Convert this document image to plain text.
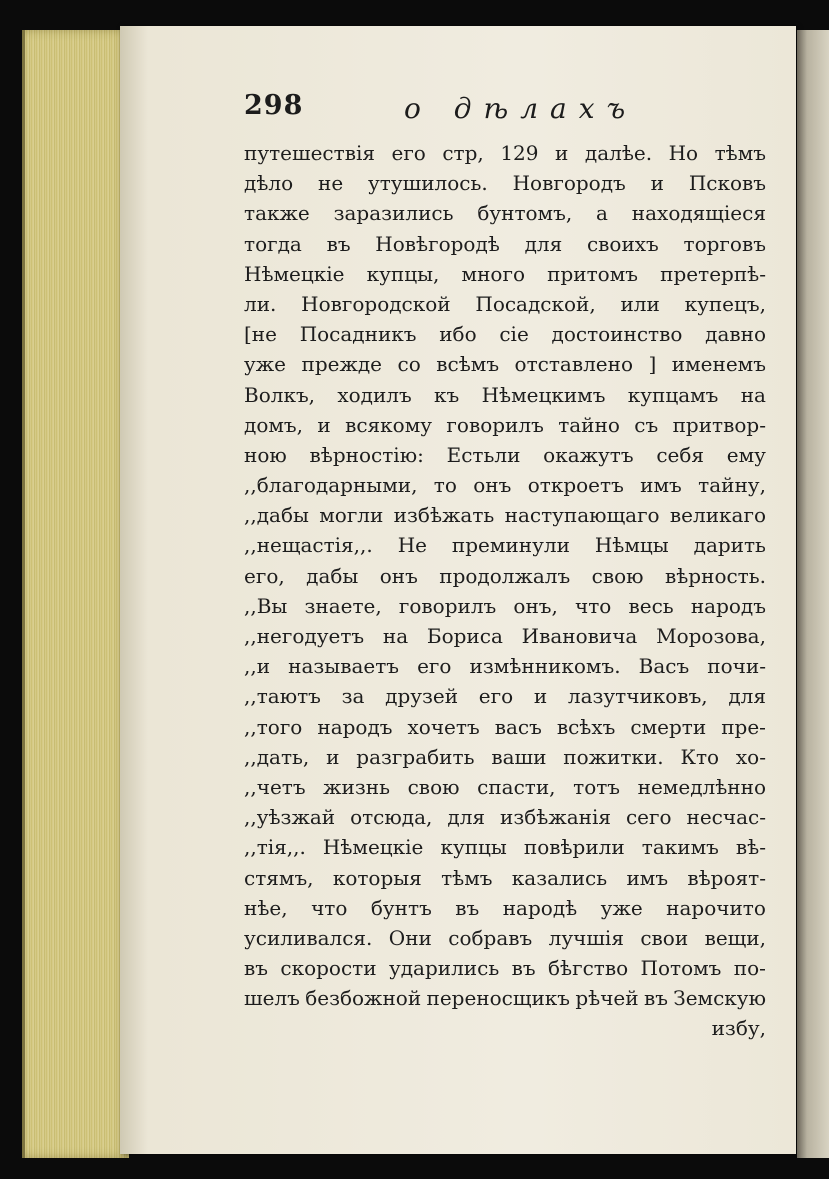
298	о дѣлахъ
путешествія его стр, 129 и далѣе. Но тѣмъ
дѣло не утушилось. Новгородъ и Псковъ
также заразились бунтомъ, а находящіеся
тогда въ Новѣгородѣ для своихъ торговъ
Нѣмецкіе купцы, много притомъ претерпѣ-
ли. Новгородской Посадской, или купецъ,
[не Посадникъ ибо сіе достоинство давно
уже прежде со всѣмъ отставлено ] именемъ
Волкъ, ходилъ къ Нѣмецкимъ купцамъ на
домъ, и всякому говорилъ тайно съ притвор-
ною вѣрностію: Естьли окажутъ себя ему
,,благодарными, то онъ откроетъ имъ тайну,
,,дабы могли избѣжать наступающаго великаго
,,нещастія,,. Не преминули Нѣмцы дарить
его, дабы онъ продолжалъ свою вѣрность.
,,Вы знаете, говорилъ онъ, что весь народъ
,,негодуетъ на Бориса Ивановича Морозова,
,,и называетъ его измѣнникомъ. Васъ почи-
,,таютъ за друзей его и лазутчиковъ, для
,,того народъ хочетъ васъ всѣхъ смерти пре-
,,дать, и разграбить ваши пожитки. Кто хо-
,,четъ жизнь свою спасти, тотъ немедлѣнно
,,уѣзжай отсюда, для избѣжанія сего несчас-
,,тія,,. Нѣмецкіе купцы повѣрили такимъ вѣ-
стямъ, которыя тѣмъ казались имъ вѣроят-
нѣе, что бунтъ въ народѣ уже нарочито
усиливался. Они собравъ лучшія свои вещи,
въ скорости ударились въ бѣгство Потомъ по-
шелъ безбожной переносщикъ рѣчей въ Земскую
избу,
